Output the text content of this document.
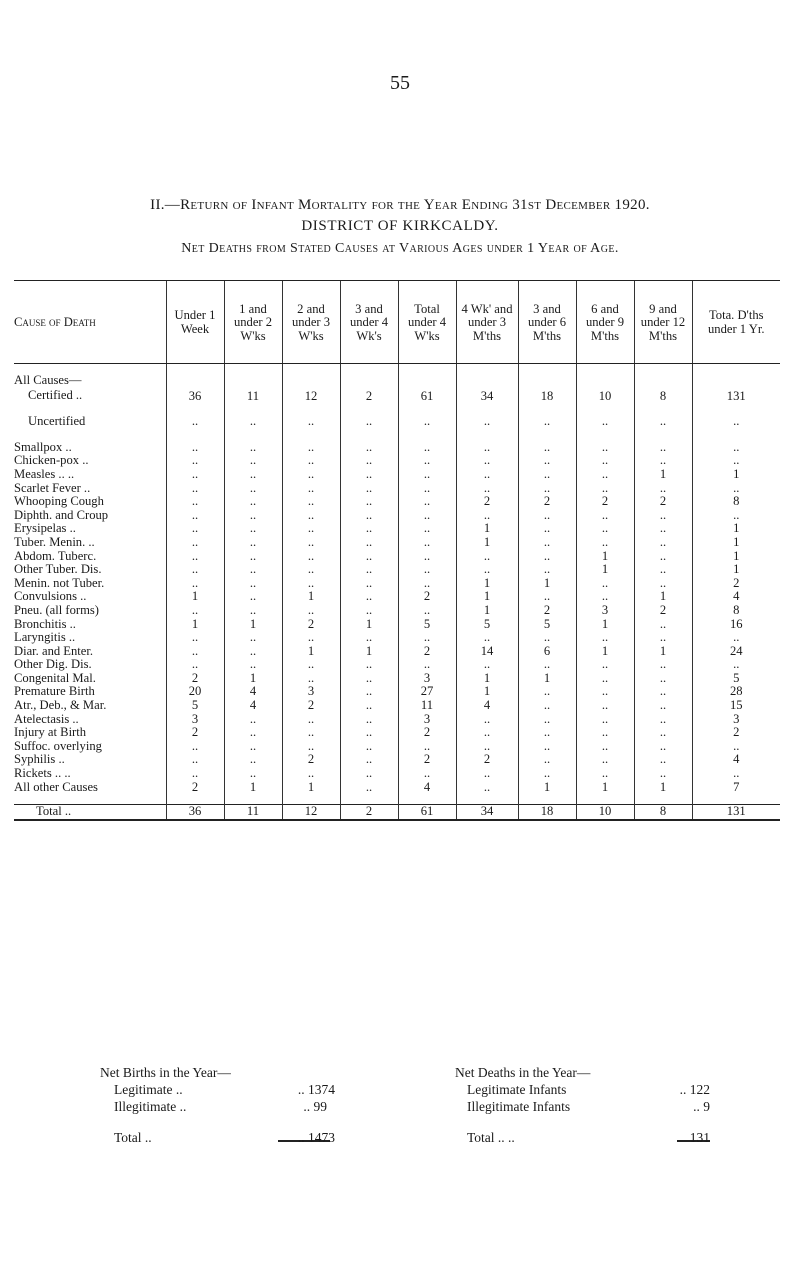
55
II.—Return of Infant Mortality for the Year Ending 31st December 1920.
DISTRICT OF KIRKCALDY.
Net Deaths from Stated Causes at Various Ages under 1 Year of Age.
Cause of Death	Under 1 Week	1 and under 2 W'ks	2 and under 3 W'ks	3 and under 4 Wk's	Total under 4 W'ks	4 Wk' and under 3 M'ths	3 and under 6 M'ths	6 and under 9 M'ths	9 and under 12 M'ths	Tota. D'ths under 1 Yr.
All Causes—										
Certified ..	36	11	12	2	61	34	18	10	8	131
Uncertified	..	..	..	..	..	..	..	..	..	..
Smallpox ..	..	..	..	..	..	..	..	..	..	..
Chicken-pox ..	..	..	..	..	..	..	..	..	..	..
Measles .. ..	..	..	..	..	..	..	..	..	1	1
Scarlet Fever ..	..	..	..	..	..	..	..	..	..	..
Whooping Cough	..	..	..	..	..	2	2	2	2	8
Diphth. and Croup	..	..	..	..	..	..	..	..	..	..
Erysipelas ..	..	..	..	..	..	1	..	..	..	1
Tuber. Menin. ..	..	..	..	..	..	1	..	..	..	1
Abdom. Tuberc.	..	..	..	..	..	..	..	1	..	1
Other Tuber. Dis.	..	..	..	..	..	..	..	1	..	1
Menin. not Tuber.	..	..	..	..	..	1	1	..	..	2
Convulsions ..	1	..	1	..	2	1	..	..	1	4
Pneu. (all forms)	..	..	..	..	..	1	2	3	2	8
Bronchitis ..	1	1	2	1	5	5	5	1	..	16
Laryngitis ..	..	..	..	..	..	..	..	..	..	..
Diar. and Enter.	..	..	1	1	2	14	6	1	1	24
Other Dig. Dis.	..	..	..	..	..	..	..	..	..	..
Congenital Mal.	2	1	..	..	3	1	1	..	..	5
Premature Birth	20	4	3	..	27	1	..	..	..	28
Atr., Deb., & Mar.	5	4	2	..	11	4	..	..	..	15
Atelectasis ..	3	..	..	..	3	..	..	..	..	3
Injury at Birth	2	..	..	..	2	..	..	..	..	2
Suffoc. overlying	..	..	..	..	..	..	..	..	..	..
Syphilis ..	..	..	2	..	2	2	..	..	..	4
Rickets .. ..	..	..	..	..	..	..	..	..	..	..
All other Causes	2	1	1	..	4	..	1	1	1	7
Total ..	36	11	12	2	61	34	18	10	8	131
Net Births in the Year—
Legitimate ..	.. 1374
Illegitimate ..	.. 99
Total ..	.. 1473
Net Deaths in the Year—
Legitimate Infants	.. 122
Illegitimate Infants	.. 9
Total .. ..	131
